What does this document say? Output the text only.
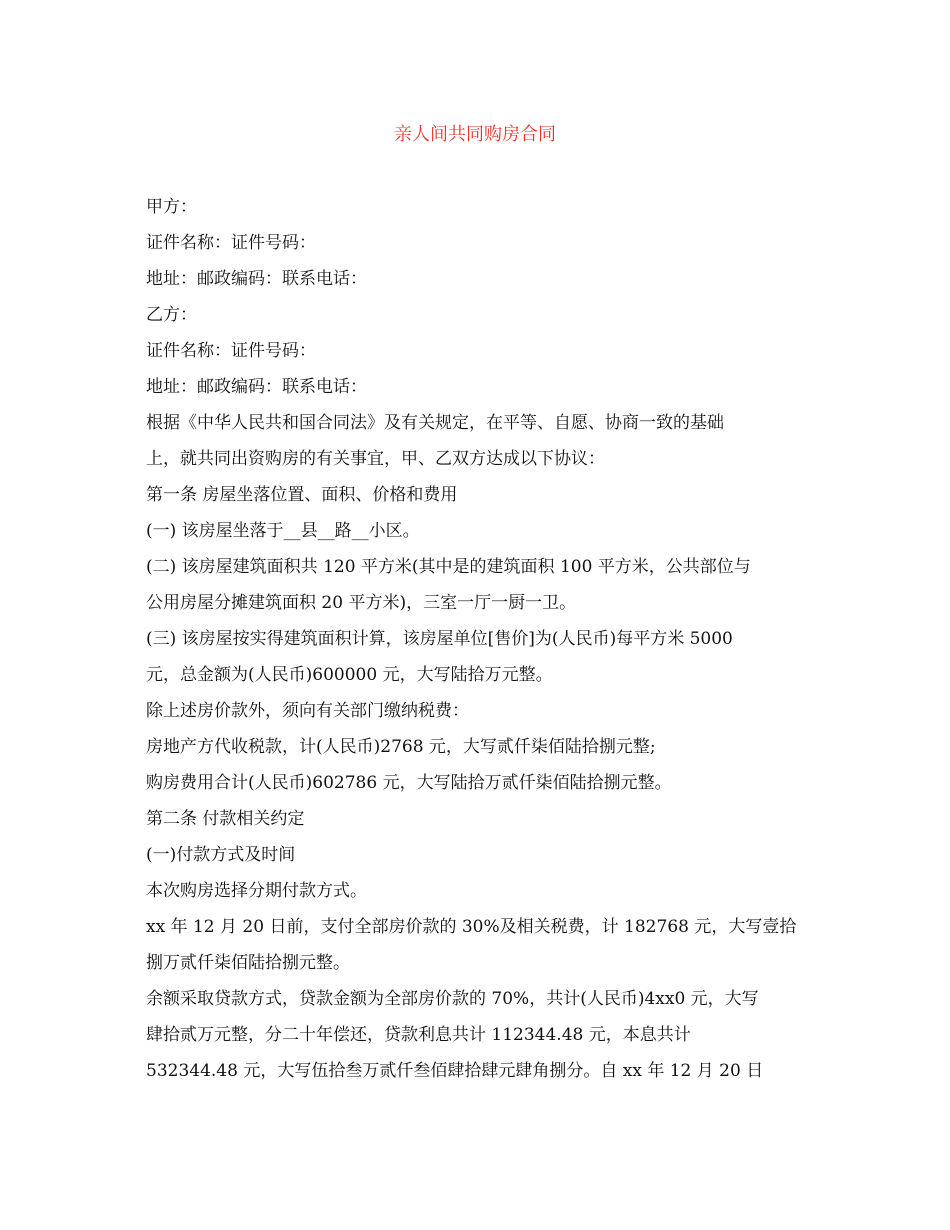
亲人间共同购房合同
甲方：
证件名称：证件号码：
地址：邮政编码：联系电话：
乙方：
证件名称：证件号码：
地址：邮政编码：联系电话：
根据《中华人民共和国合同法》及有关规定，在平等、自愿、协商一致的基础
上，就共同出资购房的有关事宜，甲、乙双方达成以下协议：
第一条 房屋坐落位置、面积、价格和费用
(一) 该房屋坐落于__县__路__小区。
(二) 该房屋建筑面积共 120 平方米(其中是的建筑面积 100 平方米，公共部位与
公用房屋分摊建筑面积 20 平方米)，三室一厅一厨一卫。
(三) 该房屋按实得建筑面积计算，该房屋单位[售价]为(人民币)每平方米 5000
元，总金额为(人民币)600000 元，大写陆拾万元整。
除上述房价款外，须向有关部门缴纳税费：
房地产方代收税款，计(人民币)2768 元，大写贰仟柒佰陆拾捌元整;
购房费用合计(人民币)602786 元，大写陆拾万贰仟柒佰陆拾捌元整。
第二条 付款相关约定
(一)付款方式及时间
本次购房选择分期付款方式。
xx 年 12 月 20 日前，支付全部房价款的 30%及相关税费，计 182768 元，大写壹拾
捌万贰仟柒佰陆拾捌元整。
余额采取贷款方式，贷款金额为全部房价款的 70%，共计(人民币)4xx0 元，大写
肆拾贰万元整，分二十年偿还，贷款利息共计 112344.48 元，本息共计
532344.48 元，大写伍拾叁万贰仟叁佰肆拾肆元肆角捌分。自 xx 年 12 月 20 日
